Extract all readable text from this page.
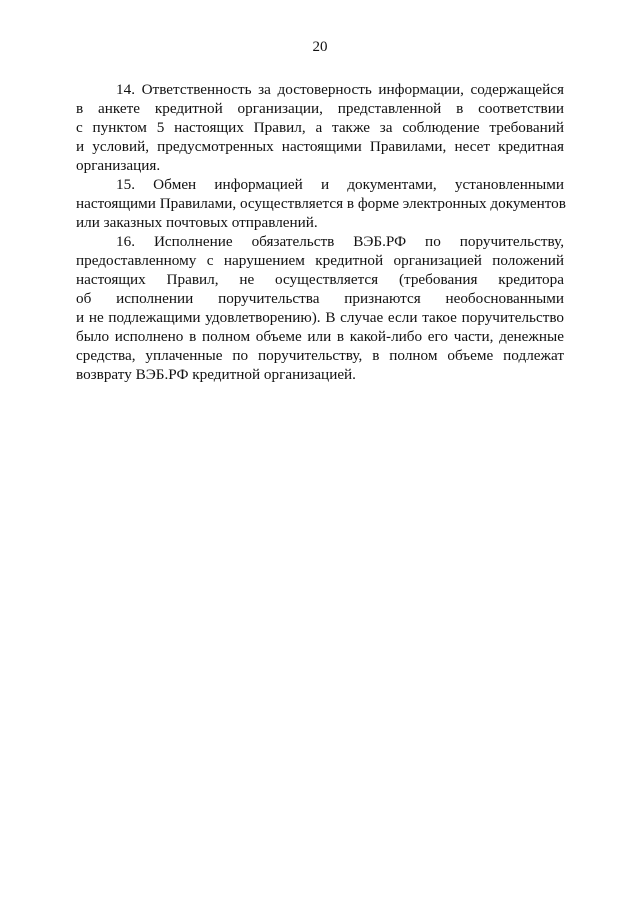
20

14. Ответственность за достоверность информации, содержащейся
в анкете кредитной организации, представленной в соответствии
с пунктом 5 настоящих Правил, а также за соблюдение требований
и условий, предусмотренных настоящими Правилами, несет кредитная
организация.

15. Обмен информацией и документами, установленными
настоящими Правилами, осуществляется в форме электронных документов
или заказных почтовых отправлений.

16. Исполнение обязательств ВЭБ.РФ по поручительству,
предоставленному с нарушением кредитной организацией положений
настоящих Правил, не осуществляется (требования кредитора
об исполнении поручительства признаются необоснованными
и не подлежащими удовлетворению). В случае если такое поручительство
было исполнено в полном объеме или в какой-либо его части, денежные
средства, уплаченные по поручительству, в полном объеме подлежат
возврату ВЭБ.РФ кредитной организацией.
